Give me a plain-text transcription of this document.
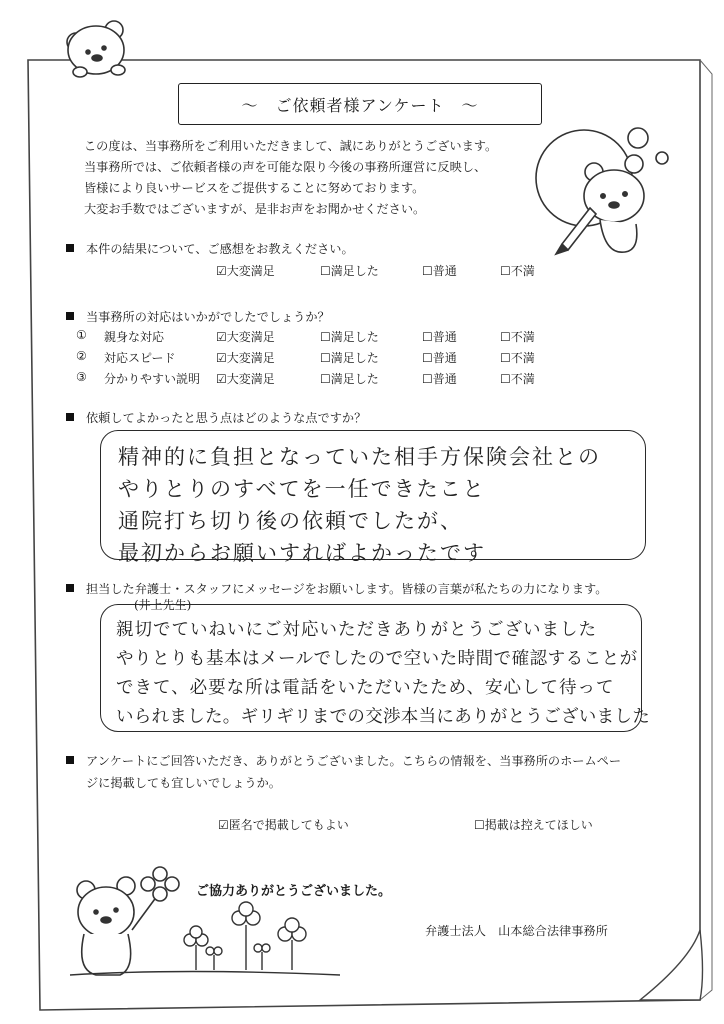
〜　ご依頼者様アンケート　〜
この度は、当事務所をご利用いただきまして、誠にありがとうございます。
当事務所では、ご依頼者様の声を可能な限り今後の事務所運営に反映し、
皆様により良いサービスをご提供することに努めております。
大変お手数ではございますが、是非お声をお聞かせください。
本件の結果について、ご感想をお教えください。
☑大変満足	☐満足した	☐普通	☐不満
当事務所の対応はいかがでしたでしょうか？
① 親身な対応	☑大変満足	☐満足した	☐普通	☐不満
② 対応スピード	☑大変満足	☐満足した	☐普通	☐不満
③ 分かりやすい説明 ☑大変満足	☐満足した	☐普通	☐不満
依頼してよかったと思う点はどのような点ですか？
精神的に負担となっていた相手方保険会社との
やりとりのすべてを一任できたこと
通院打ち切り後の依頼でしたが、
最初からお願いすればよかったです
担当した弁護士・スタッフにメッセージをお願いします。皆様の言葉が私たちの力になります。
(井上先生)
親切でていねいにご対応いただきありがとうございました
やりとりも基本はメールでしたので空いた時間で確認することが
できて、必要な所は電話をいただいたため、安心して待って
いられました。ギリギリまでの交渉本当にありがとうございました
アンケートにご回答いただき、ありがとうございました。こちらの情報を、当事務所のホームペー
ジに掲載しても宜しいでしょうか。
☑匿名で掲載してもよい	☐掲載は控えてほしい
ご協力ありがとうございました。
弁護士法人　山本総合法律事務所
